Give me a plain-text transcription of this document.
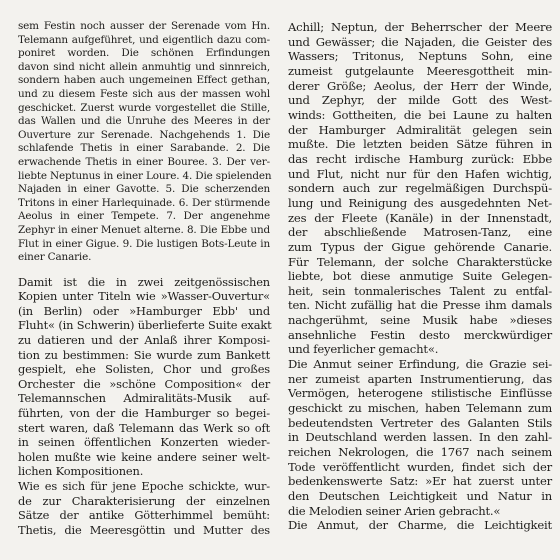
sem Festin noch ausser der Serenade vom Hn.
Telemann aufgeführet, und eigentlich dazu com-
poniret worden. Die schönen Erfindungen
davon sind nicht allein anmuhtig und sinnreich,
sondern haben auch ungemeinen Effect gethan,
und zu diesem Feste sich aus der massen wohl
geschicket. Zuerst wurde vorgestellet die Stille,
das Wallen und die Unruhe des Meeres in der
Ouverture zur Serenade. Nachgehends 1. Die
schlafende Thetis in einer Sarabande. 2. Die
erwachende Thetis in einer Bouree. 3. Der ver-
liebte Neptunus in einer Loure. 4. Die spielenden
Najaden in einer Gavotte. 5. Die scherzenden
Tritons in einer Harlequinade. 6. Der stürmende
Aeolus in einer Tempete. 7. Der angenehme
Zephyr in einer Menuet alterne. 8. Die Ebbe und
Flut in einer Gigue. 9. Die lustigen Bots-Leute in
einer Canarie.
Damit ist die in zwei zeitgenössischen
Kopien unter Titeln wie »Wasser-Ouvertur«
(in Berlin) oder »Hamburger Ebb' und
Fluht« (in Schwerin) überlieferte Suite exakt
zu datieren und der Anlaß ihrer Komposi-
tion zu bestimmen: Sie wurde zum Bankett
gespielt, ehe Solisten, Chor und großes
Orchester die »schöne Composition« der
Telemannschen Admiralitäts-Musik auf-
führten, von der die Hamburger so begei-
stert waren, daß Telemann das Werk so oft
in seinen öffentlichen Konzerten wieder-
holen mußte wie keine andere seiner welt-
lichen Kompositionen.
Wie es sich für jene Epoche schickte, wur-
de zur Charakterisierung der einzelnen
Sätze der antike Götterhimmel bemüht:
Thetis, die Meeresgöttin und Mutter des
Achill; Neptun, der Beherrscher der Meere
und Gewässer; die Najaden, die Geister des
Wassers; Tritonus, Neptuns Sohn, eine
zumeist gutgelaunte Meeresgottheit min-
derer Größe; Aeolus, der Herr der Winde,
und Zephyr, der milde Gott des West-
winds: Gottheiten, die bei Laune zu halten
der Hamburger Admiralität gelegen sein
mußte. Die letzten beiden Sätze führen in
das recht irdische Hamburg zurück: Ebbe
und Flut, nicht nur für den Hafen wichtig,
sondern auch zur regelmäßigen Durchspü-
lung und Reinigung des ausgedehnten Net-
zes der Fleete (Kanäle) in der Innenstadt,
der abschließende Matrosen-Tanz, eine
zum Typus der Gigue gehörende Canarie.
Für Telemann, der solche Charakterstücke
liebte, bot diese anmutige Suite Gelegen-
heit, sein tonmalerisches Talent zu entfal-
ten. Nicht zufällig hat die Presse ihm damals
nachgerühmt, seine Musik habe »dieses
ansehnliche Festin desto merckwürdiger
und feyerlicher gemacht«.
Die Anmut seiner Erfindung, die Grazie sei-
ner zumeist aparten Instrumentierung, das
Vermögen, heterogene stilistische Einflüsse
geschickt zu mischen, haben Telemann zum
bedeutendsten Vertreter des Galanten Stils
in Deutschland werden lassen. In den zahl-
reichen Nekrologen, die 1767 nach seinem
Tode veröffentlicht wurden, findet sich der
bedenkenswerte Satz: »Er hat zuerst unter
den Deutschen Leichtigkeit und Natur in
die Melodien seiner Arien gebracht.«
Die Anmut, der Charme, die Leichtigkeit
